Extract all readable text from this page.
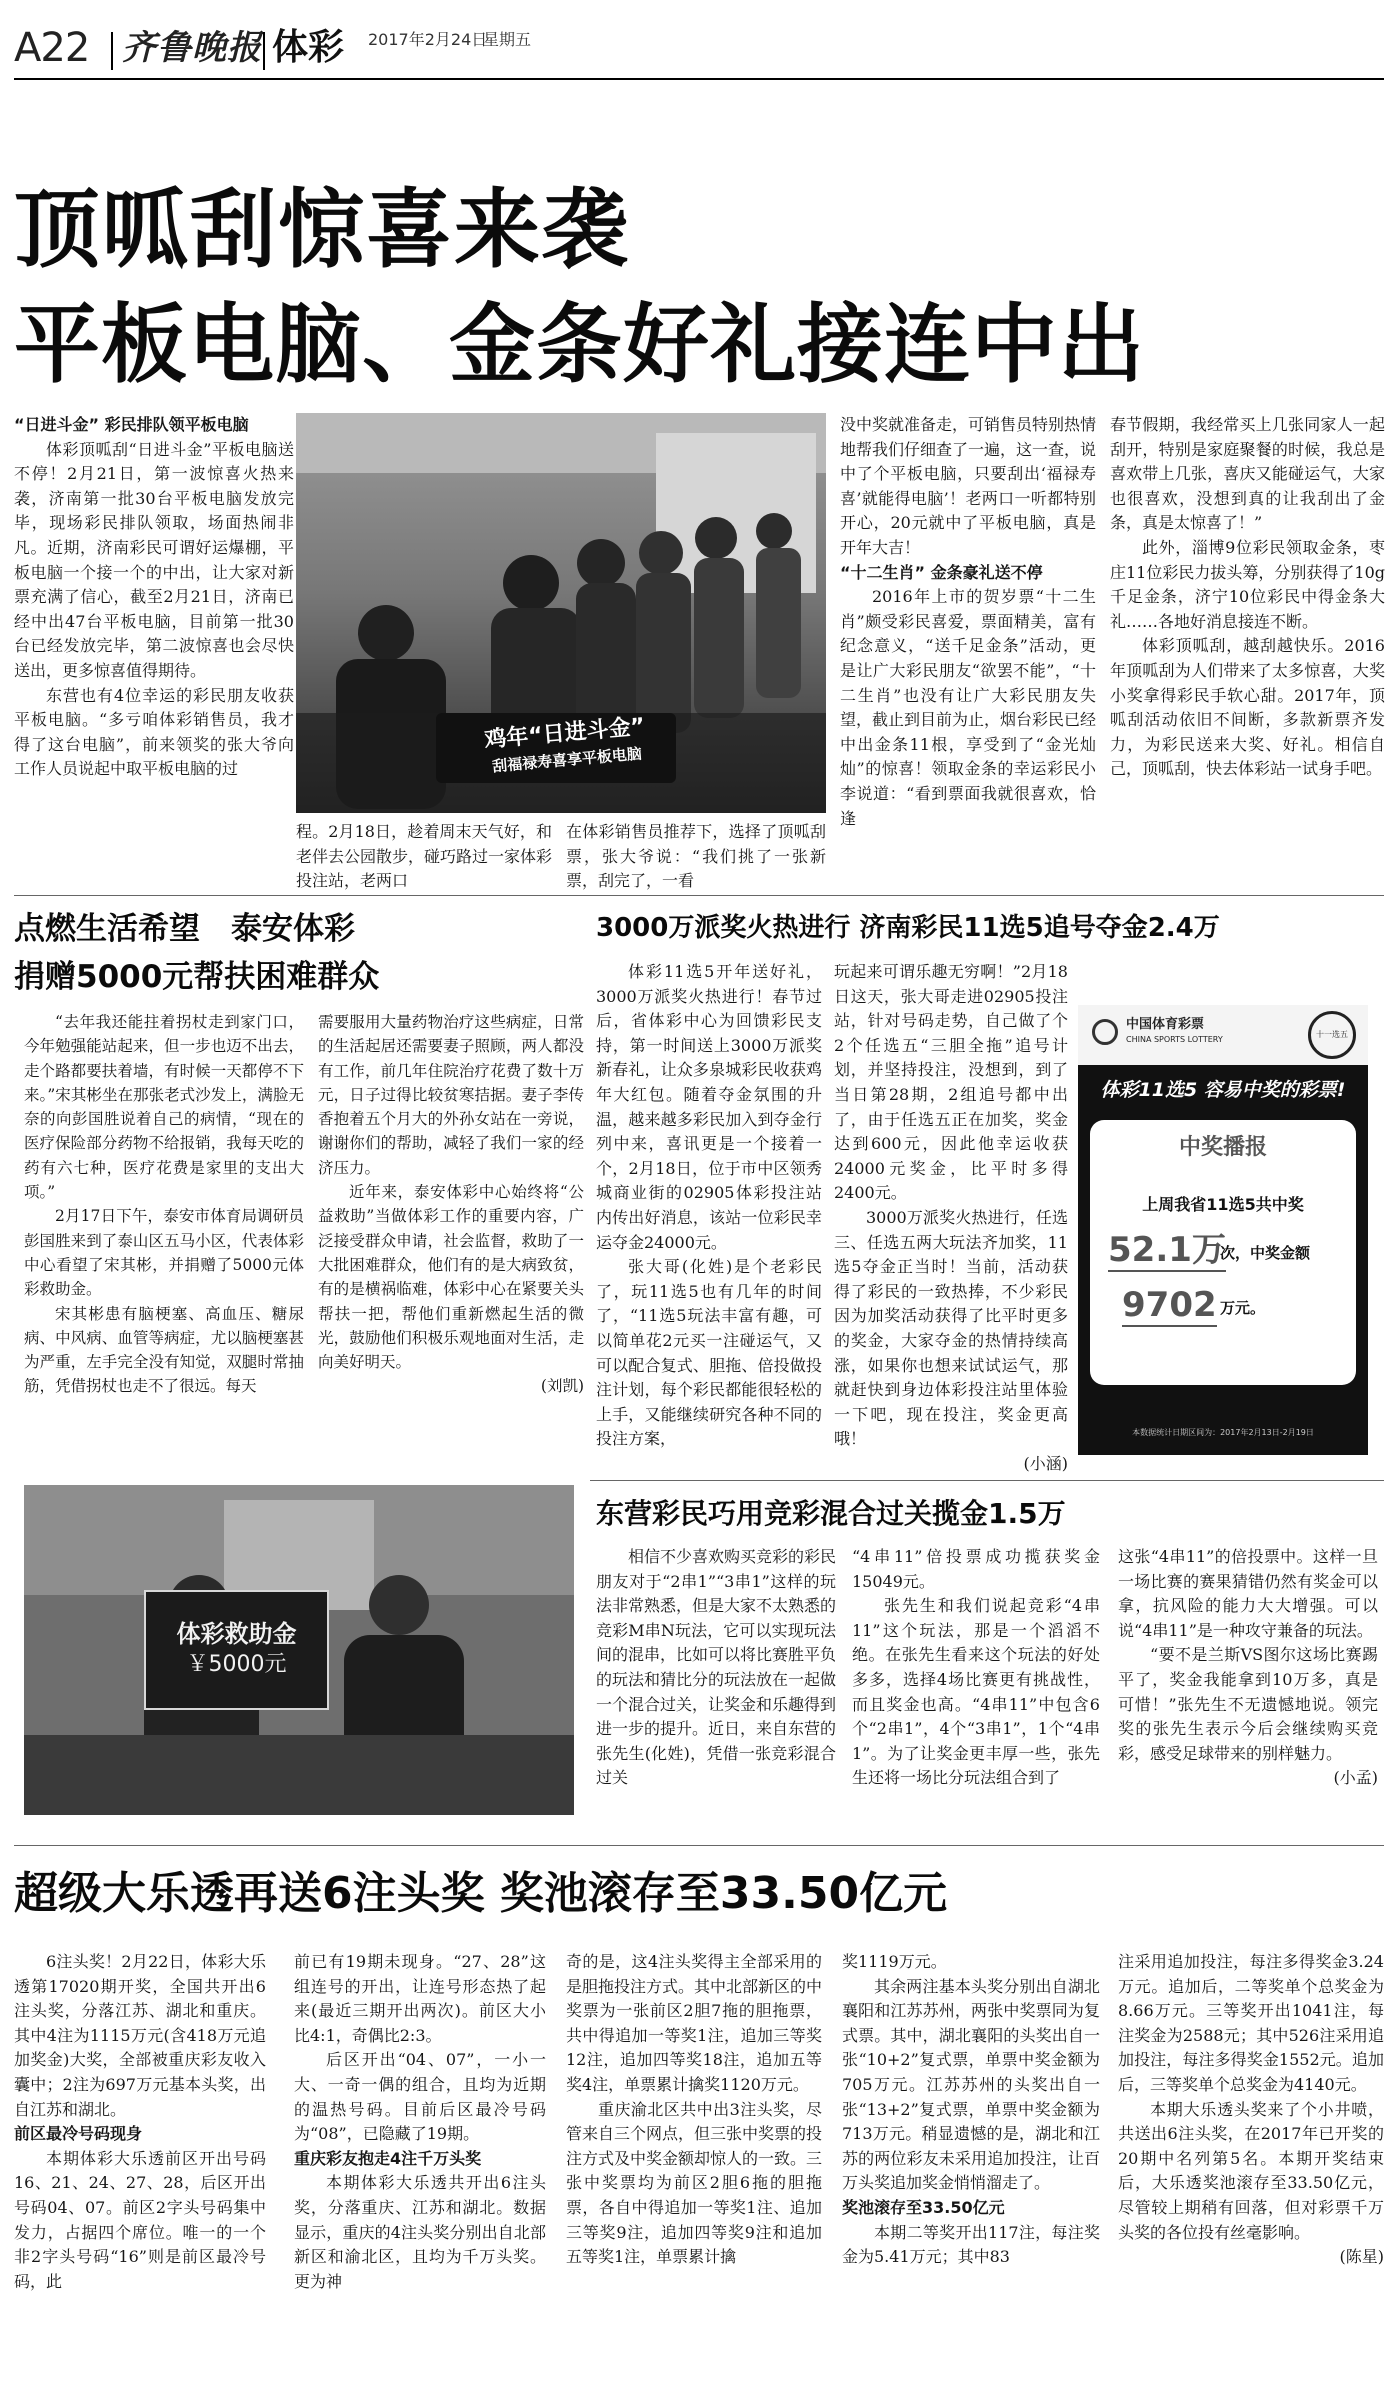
A22 齐鲁晚报 体彩 2017年2月24日
星期五
顶呱刮惊喜来袭
平板电脑、金条好礼接连中出

“日进斗金” 彩民排队领平板电脑

体彩顶呱刮“日进斗金”平板电脑送不停！2月21日，第一波惊喜火热来袭，济南第一批30台平板电脑发放完毕，现场彩民排队领取，场面热闹非凡。近期，济南彩民可谓好运爆棚，平板电脑一个接一个的中出，让大家对新票充满了信心，截至2月21日，济南已经中出47台平板电脑，目前第一批30台已经发放完毕，第二波惊喜也会尽快送出，更多惊喜值得期待。

东营也有4位幸运的彩民朋友收获平板电脑。“多亏咱体彩销售员，我才得了这台电脑”，前来领奖的张大爷向工作人员说起中取平板电脑的过

鸡年“日进斗金”
刮福禄寿喜享平板电脑

程。2月18日，趁着周末天气好，和老伴去公园散步，碰巧路过一家体彩投注站，老两口

在体彩销售员推荐下，选择了顶呱刮票，张大爷说：“我们挑了一张新票，刮完了，一看

没中奖就准备走，可销售员特别热情地帮我们仔细查了一遍，这一查，说中了个平板电脑，只要刮出‘福禄寿喜’就能得电脑’！老两口一听都特别开心，20元就中了平板电脑，真是开年大吉！

“十二生肖” 金条豪礼送不停

2016年上市的贺岁票“十二生肖”颇受彩民喜爱，票面精美，富有纪念意义，“送千足金条”活动，更是让广大彩民朋友“欲罢不能”，“十二生肖”也没有让广大彩民朋友失望，截止到目前为止，烟台彩民已经中出金条11根，享受到了“金光灿灿”的惊喜！领取金条的幸运彩民小李说道：“看到票面我就很喜欢，恰逢

春节假期，我经常买上几张同家人一起刮开，特别是家庭聚餐的时候，我总是喜欢带上几张，喜庆又能碰运气，大家也很喜欢，没想到真的让我刮出了金条，真是太惊喜了！”

此外，淄博9位彩民领取金条，枣庄11位彩民力拔头筹，分别获得了10g千足金条，济宁10位彩民中得金条大礼……各地好消息接连不断。

体彩顶呱刮，越刮越快乐。2016年顶呱刮为人们带来了太多惊喜，大奖小奖拿得彩民手软心甜。2017年，顶呱刮活动依旧不间断，多款新票齐发力，为彩民送来大奖、好礼。相信自己，顶呱刮，快去体彩站一试身手吧。

点燃生活希望　泰安体彩
捐赠5000元帮扶困难群众

“去年我还能拄着拐杖走到家门口，今年勉强能站起来，但一步也迈不出去，走个路都要扶着墙，有时候一天都停不下来。”宋其彬坐在那张老式沙发上，满脸无奈的向彭国胜说着自己的病情，“现在的医疗保险部分药物不给报销，我每天吃的药有六七种，医疗花费是家里的支出大项。”

2月17日下午，泰安市体育局调研员彭国胜来到了泰山区五马小区，代表体彩中心看望了宋其彬，并捐赠了5000元体彩救助金。

宋其彬患有脑梗塞、高血压、糖尿病、中风病、血管等病症，尤以脑梗塞甚为严重，左手完全没有知觉，双腿时常抽筋，凭借拐杖也走不了很远。每天

需要服用大量药物治疗这些病症，日常的生活起居还需要妻子照顾，两人都没有工作，前几年住院治疗花费了数十万元，日子过得比较贫寒拮据。妻子李传香抱着五个月大的外孙女站在一旁说，谢谢你们的帮助，减轻了我们一家的经济压力。

近年来，泰安体彩中心始终将“公益救助”当做体彩工作的重要内容，广泛接受群众申请，社会监督，救助了一大批困难群众，他们有的是大病致贫，有的是横祸临难，体彩中心在紧要关头帮扶一把，帮他们重新燃起生活的微光，鼓励他们积极乐观地面对生活，走向美好明天。

(刘凯)
体彩救助金
￥5000元
3000万派奖火热进行 济南彩民11选5追号夺金2.4万

体彩11选5开年送好礼，3000万派奖火热进行！春节过后，省体彩中心为回馈彩民支持，第一时间送上3000万派奖新春礼，让众多泉城彩民收获鸡年大红包。随着夺金氛围的升温，越来越多彩民加入到夺金行列中来，喜讯更是一个接着一个，2月18日，位于市中区领秀城商业街的02905体彩投注站内传出好消息，该站一位彩民幸运夺金24000元。

张大哥(化姓)是个老彩民了，玩11选5也有几年的时间了，“11选5玩法丰富有趣，可以简单花2元买一注碰运气，又可以配合复式、胆拖、倍投做投注计划，每个彩民都能很轻松的上手，又能继续研究各种不同的投注方案，

玩起来可谓乐趣无穷啊！”2月18日这天，张大哥走进02905投注站，针对号码走势，自己做了个2个任选五“三胆全拖”追号计划，并坚持投注，没想到，到了当日第28期，2组追号都中出了，由于任选五正在加奖，奖金达到600元，因此他幸运收获24000元奖金，比平时多得2400元。

3000万派奖火热进行，任选三、任选五两大玩法齐加奖，11选5夺金正当时！当前，活动获得了彩民的一致热捧，不少彩民因为加奖活动获得了比平时更多的奖金，大家夺金的热情持续高涨，如果你也想来试试运气，那就赶快到身边体彩投注站里体验一下吧，现在投注，奖金更高哦！

(小涵)
中国体育彩票
CHINA SPORTS LOTTERY
十一选五
体彩11选5 容易中奖的彩票!
中奖播报
上周我省11选5共中奖
52.1万
次，中奖金额
9702 万元。
本数据统计日期区间为：2017年2月13日-2月19日
东营彩民巧用竞彩混合过关揽金1.5万

相信不少喜欢购买竞彩的彩民朋友对于“2串1”“3串1”这样的玩法非常熟悉，但是大家不太熟悉的竞彩M串N玩法，它可以实现玩法间的混串，比如可以将比赛胜平负的玩法和猜比分的玩法放在一起做一个混合过关，让奖金和乐趣得到进一步的提升。近日，来自东营的张先生(化姓)，凭借一张竞彩混合过关

“4串11”倍投票成功揽获奖金15049元。

张先生和我们说起竞彩“4串11”这个玩法，那是一个滔滔不绝。在张先生看来这个玩法的好处多多，选择4场比赛更有挑战性，而且奖金也高。“4串11”中包含6个“2串1”，4个“3串1”，1个“4串1”。为了让奖金更丰厚一些，张先生还将一场比分玩法组合到了

这张“4串11”的倍投票中。这样一旦一场比赛的赛果猜错仍然有奖金可以拿，抗风险的能力大大增强。可以说“4串11”是一种攻守兼备的玩法。

“要不是兰斯VS图尔这场比赛踢平了，奖金我能拿到10万多，真是可惜！”张先生不无遗憾地说。领完奖的张先生表示今后会继续购买竞彩，感受足球带来的别样魅力。

(小孟)
超级大乐透再送6注头奖 奖池滚存至33.50亿元

6注头奖！2月22日，体彩大乐透第17020期开奖，全国共开出6注头奖，分落江苏、湖北和重庆。其中4注为1115万元(含418万元追加奖金)大奖，全部被重庆彩友收入囊中；2注为697万元基本头奖，出自江苏和湖北。

前区最冷号码现身

本期体彩大乐透前区开出号码16、21、24、27、28，后区开出号码04、07。前区2字头号码集中发力，占据四个席位。唯一的一个非2字头号码“16”则是前区最冷号码，此

前已有19期未现身。“27、28”这组连号的开出，让连号形态热了起来(最近三期开出两次)。前区大小比4:1，奇偶比2:3。

后区开出“04、07”，一小一大、一奇一偶的组合，且均为近期的温热号码。目前后区最冷号码为“08”，已隐藏了19期。

重庆彩友抱走4注千万头奖

本期体彩大乐透共开出6注头奖，分落重庆、江苏和湖北。数据显示，重庆的4注头奖分别出自北部新区和渝北区，且均为千万头奖。更为神

奇的是，这4注头奖得主全部采用的是胆拖投注方式。其中北部新区的中奖票为一张前区2胆7拖的胆拖票，共中得追加一等奖1注，追加三等奖12注，追加四等奖18注，追加五等奖4注，单票累计擒奖1120万元。

重庆渝北区共中出3注头奖，尽管来自三个网点，但三张中奖票的投注方式及中奖金额却惊人的一致。三张中奖票均为前区2胆6拖的胆拖票，各自中得追加一等奖1注、追加三等奖9注，追加四等奖9注和追加五等奖1注，单票累计擒

奖1119万元。

其余两注基本头奖分别出自湖北襄阳和江苏苏州，两张中奖票同为复式票。其中，湖北襄阳的头奖出自一张“10+2”复式票，单票中奖金额为705万元。江苏苏州的头奖出自一张“13+2”复式票，单票中奖金额为713万元。稍显遗憾的是，湖北和江苏的两位彩友未采用追加投注，让百万头奖追加奖金悄悄溜走了。

奖池滚存至33.50亿元

本期二等奖开出117注，每注奖金为5.41万元；其中83

注采用追加投注，每注多得奖金3.24万元。追加后，二等奖单个总奖金为8.66万元。三等奖开出1041注，每注奖金为2588元；其中526注采用追加投注，每注多得奖金1552元。追加后，三等奖单个总奖金为4140元。

本期大乐透头奖来了个小井喷，共送出6注头奖，在2017年已开奖的20期中名列第5名。本期开奖结束后，大乐透奖池滚存至33.50亿元，尽管较上期稍有回落，但对彩票千万头奖的各位投有丝毫影响。

(陈星)
